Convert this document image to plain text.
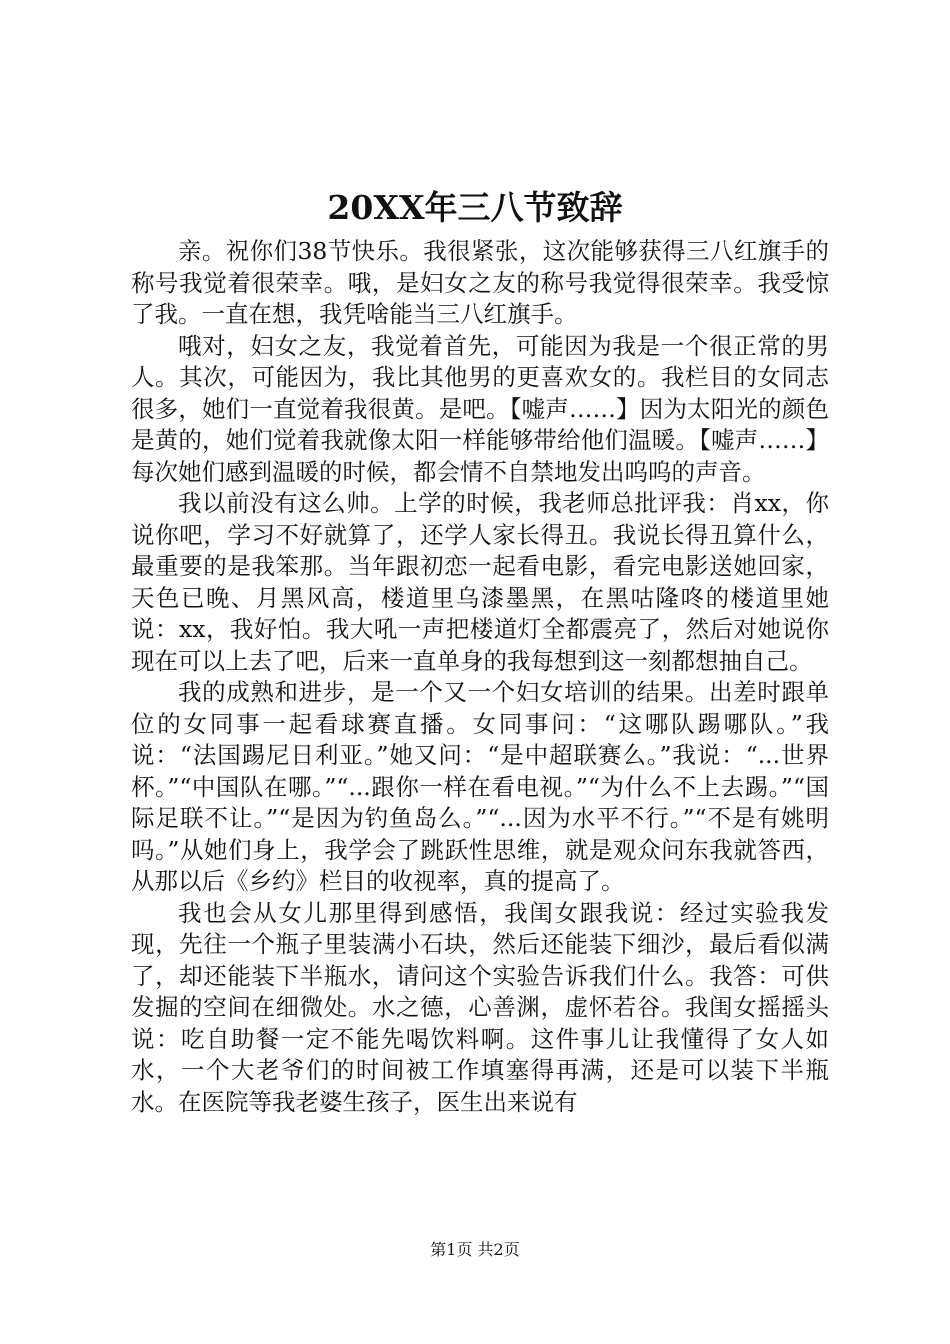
20XX年三八节致辞

亲。祝你们38节快乐。我很紧张，这次能够获得三八红旗手的称号我觉着很荣幸。哦，是妇女之友的称号我觉得很荣幸。我受惊了我。一直在想，我凭啥能当三八红旗手。

哦对，妇女之友，我觉着首先，可能因为我是一个很正常的男人。其次，可能因为，我比其他男的更喜欢女的。我栏目的女同志很多，她们一直觉着我很黄。是吧。【嘘声……】因为太阳光的颜色是黄的，她们觉着我就像太阳一样能够带给他们温暖。【嘘声……】每次她们感到温暖的时候，都会情不自禁地发出呜呜的声音。

我以前没有这么帅。上学的时候，我老师总批评我：肖xx，你说你吧，学习不好就算了，还学人家长得丑。我说长得丑算什么，最重要的是我笨那。当年跟初恋一起看电影，看完电影送她回家，天色已晚、月黑风高，楼道里乌漆墨黑，在黑咕隆咚的楼道里她说：xx，我好怕。我大吼一声把楼道灯全都震亮了，然后对她说你现在可以上去了吧，后来一直单身的我每想到这一刻都想抽自己。

我的成熟和进步，是一个又一个妇女培训的结果。出差时跟单位的女同事一起看球赛直播。女同事问：“这哪队踢哪队。”我说：“法国踢尼日利亚。”她又问：“是中超联赛么。”我说：“...世界杯。”“中国队在哪。”“...跟你一样在看电视。”“为什么不上去踢。”“国际足联不让。”“是因为钓鱼岛么。”“...因为水平不行。”“不是有姚明吗。”从她们身上，我学会了跳跃性思维，就是观众问东我就答西，从那以后《乡约》栏目的收视率，真的提高了。

我也会从女儿那里得到感悟，我闺女跟我说：经过实验我发现，先往一个瓶子里装满小石块，然后还能装下细沙，最后看似满了，却还能装下半瓶水，请问这个实验告诉我们什么。我答：可供发掘的空间在细微处。水之德，心善渊，虚怀若谷。我闺女摇摇头说：吃自助餐一定不能先喝饮料啊。这件事儿让我懂得了女人如水，一个大老爷们的时间被工作填塞得再满，还是可以装下半瓶水。在医院等我老婆生孩子，医生出来说有

第1页 共2页
